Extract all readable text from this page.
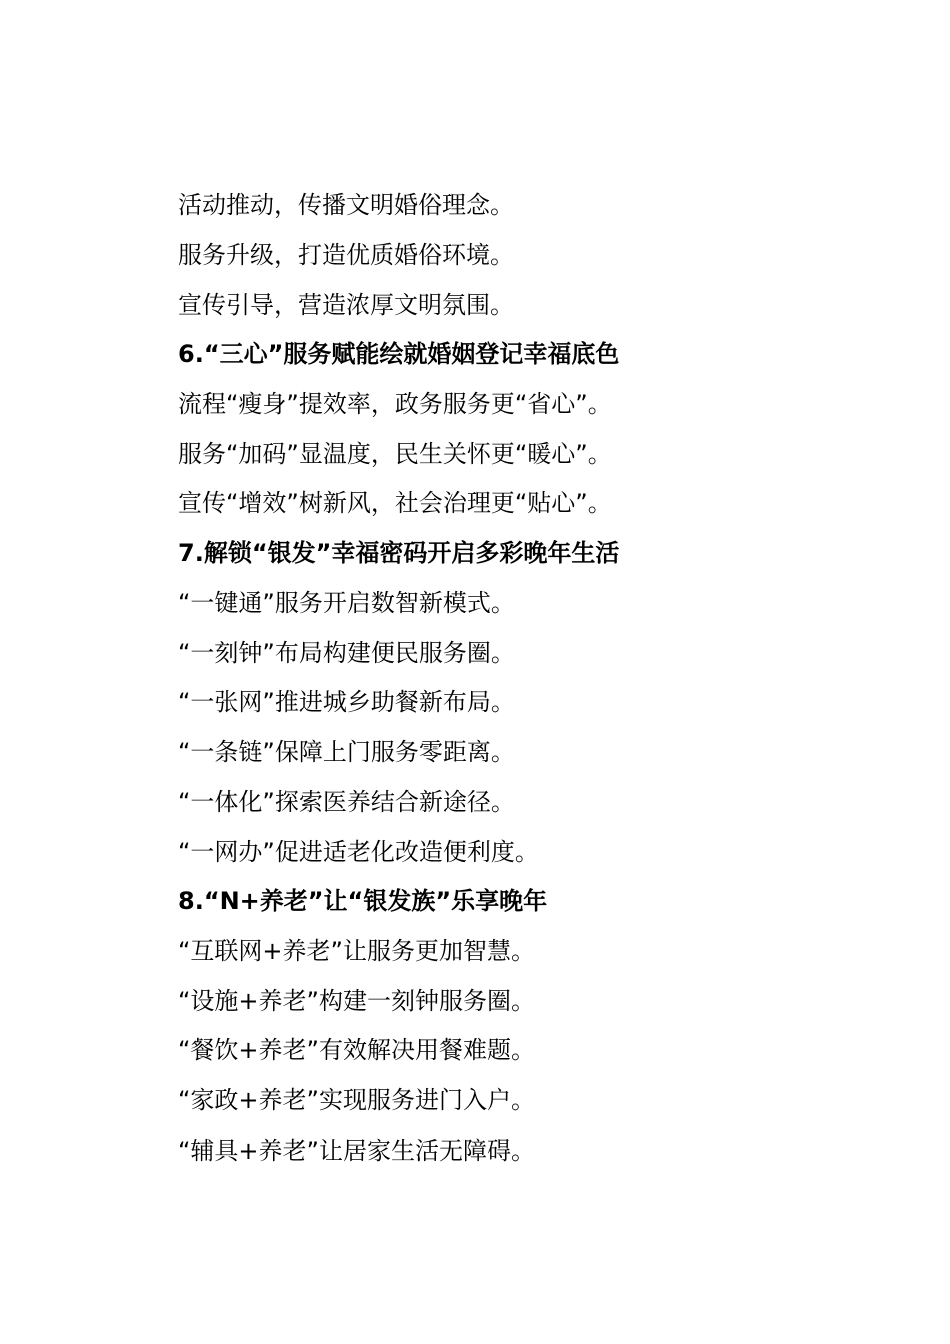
活动推动，传播文明婚俗理念。
服务升级，打造优质婚俗环境。
宣传引导，营造浓厚文明氛围。
6.“三心”服务赋能绘就婚姻登记幸福底色
流程“瘦身”提效率，政务服务更“省心”。
服务“加码”显温度，民生关怀更“暖心”。
宣传“增效”树新风，社会治理更“贴心”。
7.解锁“银发”幸福密码开启多彩晚年生活
“一键通”服务开启数智新模式。
“一刻钟”布局构建便民服务圈。
“一张网”推进城乡助餐新布局。
“一条链”保障上门服务零距离。
“一体化”探索医养结合新途径。
“一网办”促进适老化改造便利度。
8.“N+养老”让“银发族”乐享晚年
“互联网+养老”让服务更加智慧。
“设施+养老”构建一刻钟服务圈。
“餐饮+养老”有效解决用餐难题。
“家政+养老”实现服务进门入户。
“辅具+养老”让居家生活无障碍。
